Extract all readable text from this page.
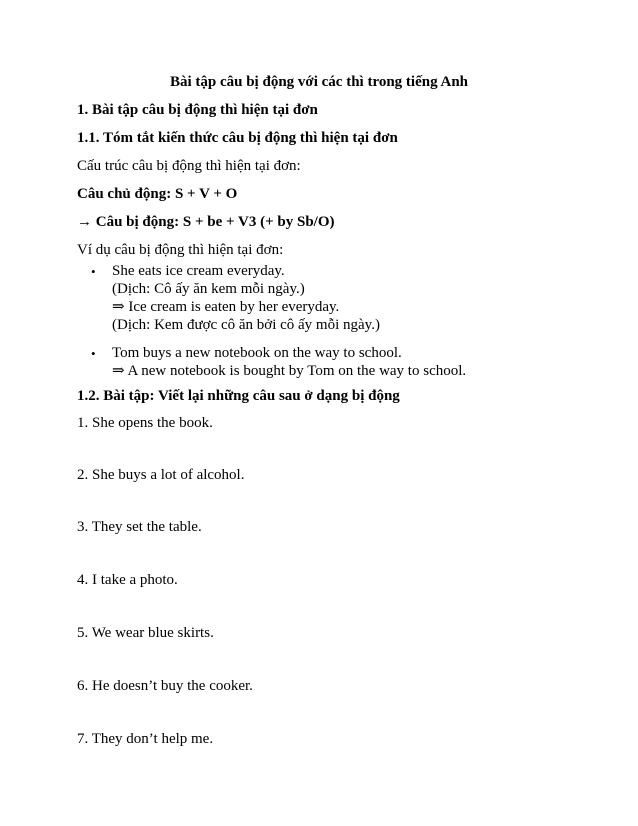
Bài tập câu bị động với các thì trong tiếng Anh
1. Bài tập câu bị động thì hiện tại đơn
1.1. Tóm tắt kiến thức câu bị động thì hiện tại đơn
Cấu trúc câu bị động thì hiện tại đơn:
Câu chủ động: S + V + O
→ Câu bị động: S + be + V3 (+ by Sb/O)
Ví dụ câu bị động thì hiện tại đơn:
• She eats ice cream everyday.
(Dịch: Cô ấy ăn kem mỗi ngày.)
⇒ Ice cream is eaten by her everyday.
(Dịch: Kem được cô ăn bởi cô ấy mỗi ngày.)
• Tom buys a new notebook on the way to school.
⇒ A new notebook is bought by Tom on the way to school.
1.2. Bài tập: Viết lại những câu sau ở dạng bị động
1. She opens the book.
2. She buys a lot of alcohol.
3. They set the table.
4. I take a photo.
5. We wear blue skirts.
6. He doesn’t buy the cooker.
7. They don’t help me.
